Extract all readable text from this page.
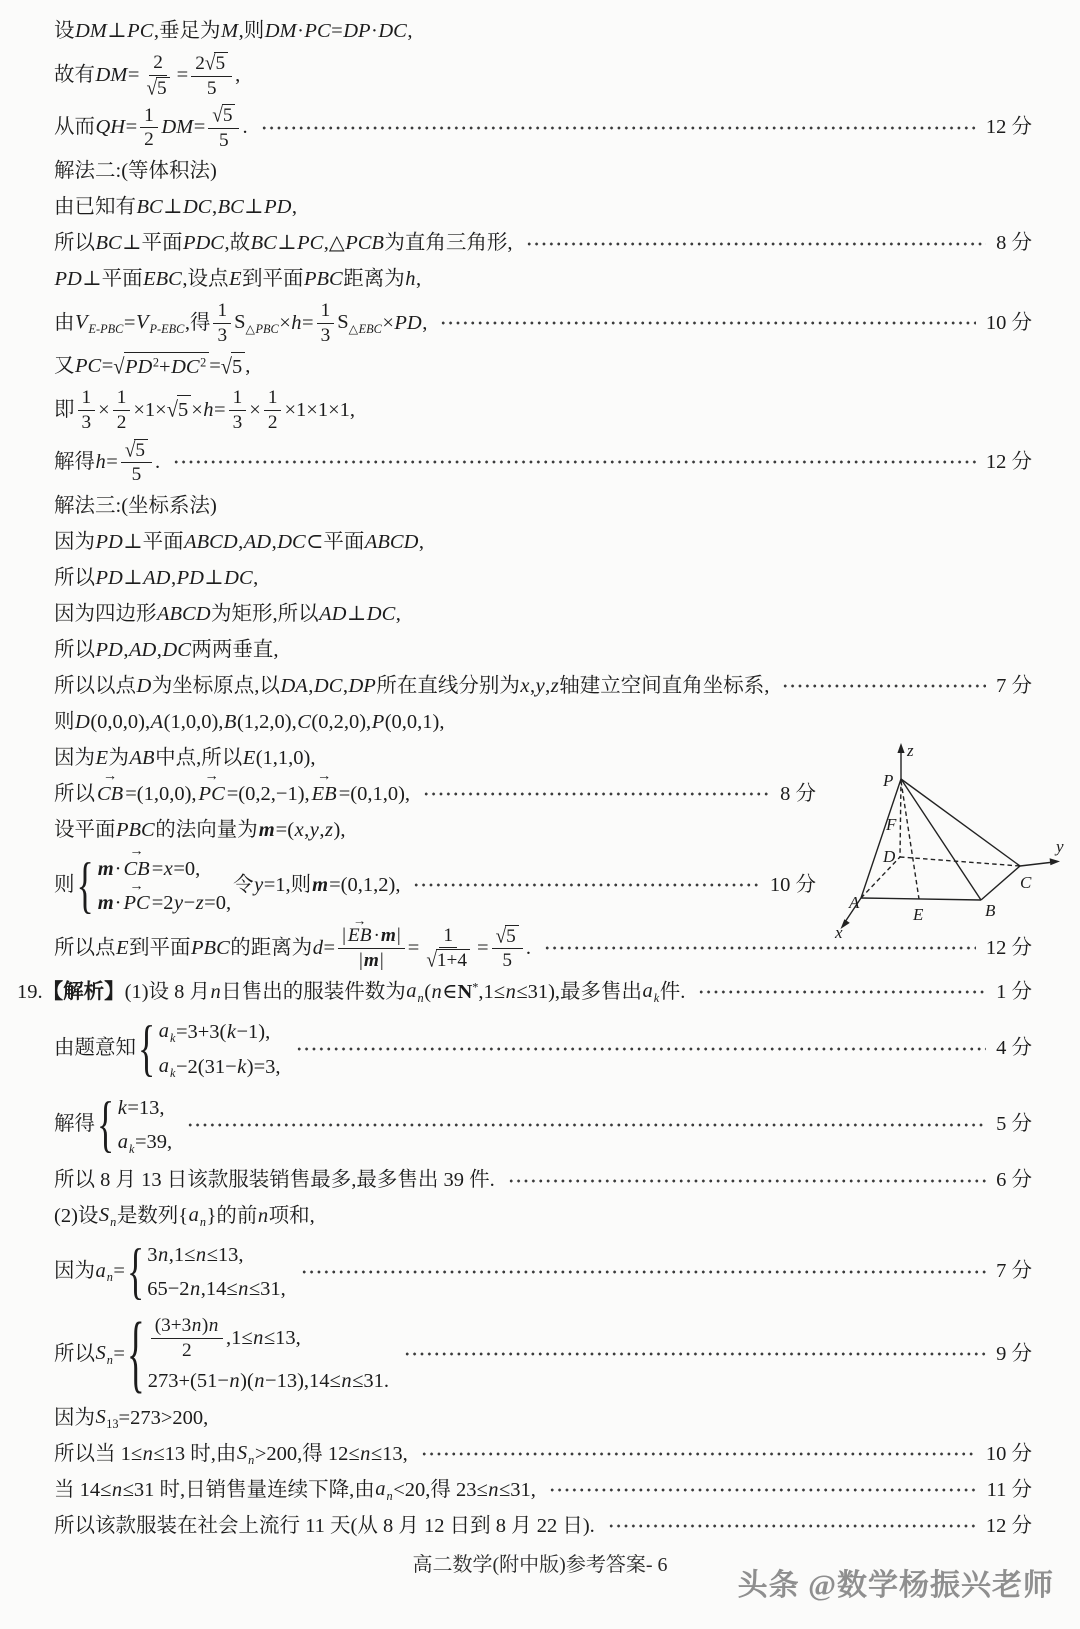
设 DM ⊥ PC ,垂足为 M ,则 DM · PC = DP · DC ,
故有 DM = $\frac{2}{√ 5} = \frac{2 √ 5}{5}$ ,
从而 QH = $\frac{1}{2}$ DM = $\frac{√ 5}{5}$ .	12 分
解法二:(等体积法)
由已知有 BC ⊥ DC , BC ⊥ PD ,
所以 BC ⊥平面 PDC ,故 BC ⊥ PC ,△ PCB 为直角三角形,	8 分
PD ⊥平面 EBC ,设点 E 到平面 PBC 距离为 h ,
由 $V_{E-PBC} = V_{P-EBC}$ ,得 $\frac{1}{3} S_{\triangle PBC} \times h = \frac{1}{3} S_{\triangle EBC}$ × PD ,	10 分
又 PC = √ $PD^2+DC^2$ = √ 5 ,
即 $\frac{1}{3} \times \frac{1}{2} \times 1\times$ √ $5 \times h = \frac{1}{3} \times \frac{1}{2} \times 1\times 1\times 1$,
解得 $h = \frac{√ 5}{5}$ .	12 分
解法三:(坐标系法)
因为 PD ⊥平面 ABCD , AD , DC ⊂平面 ABCD ,
所以 PD ⊥ AD , PD ⊥ DC ,
因为四边形 ABCD 为矩形,所以 AD ⊥ DC ,
所以 PD , AD , DC 两两垂直,
所以以点 D 为坐标原点,以 DA , DC , DP 所在直线分别为 x , y , z 轴建立空间直角坐标系,	7 分
则 D (0,0,0), A (1,0,0), B (1,2,0), C (0,2,0), P (0,0,1),
因为 E 为 AB 中点,所以 E (1,1,0),
所以 → CB =(1,0,0), → PC =(0,2,−1), → EB =(0,1,0),	8 分
设平面 PBC 的法向量为 m =( x , y , z ),
则 { m · → CB = x =0,
m · → PC =2 y − z =0,
令 y =1,则 m =(0,1,2),	10 分
所以点 E 到平面 PBC 的距离为 $d = \frac{| \to EB \cdot m |}{| m |} = \frac{1}{√ 1+4} = \frac{√ 5}{5}$ .	12 分
19. 【解析】 (1)设 8 月 n 日售出的服装件数为 $a_n$ ( n ∈ N* ,1≤ n ≤31),最多售出 $a_k$ 件.	1 分
由题意知 { $a_k =3+3$( k −1),
$a_k -2(31- k$ )=3,
4 分
解得 { k =13,
$a_k =39$,
5 分
所以 8 月 13 日该款服装销售最多,最多售出 39 件.	6 分
(2)设 $S_n$ 是数列{ $a_n$ }的前 n 项和,
因为 $a_n$ = { 3 n ,1≤ n ≤13,
65−2 n ,14≤ n ≤31,
7 分
所以 $S_n$ = { $\frac{(3+3 n ) n}{2} ,1\le n \le 13$,
273+(51− n )( n −13),14≤ n ≤31.
9 分
因为 $S_{13} =273>200$,
所以当 1≤ n ≤13 时,由 $S_n >200$,得 12≤ n ≤13,	10 分
当 14≤ n ≤31 时,日销售量连续下降,由 $a_n <20$,得 23≤ n ≤31,	11 分
所以该款服装在社会上流行 11 天(从 8 月 12 日到 8 月 22 日).	12 分
z
P
F
D
A
E	B
C
y
x
高二数学(附中版)参考答案- 6
头条 @数学杨振兴老师
